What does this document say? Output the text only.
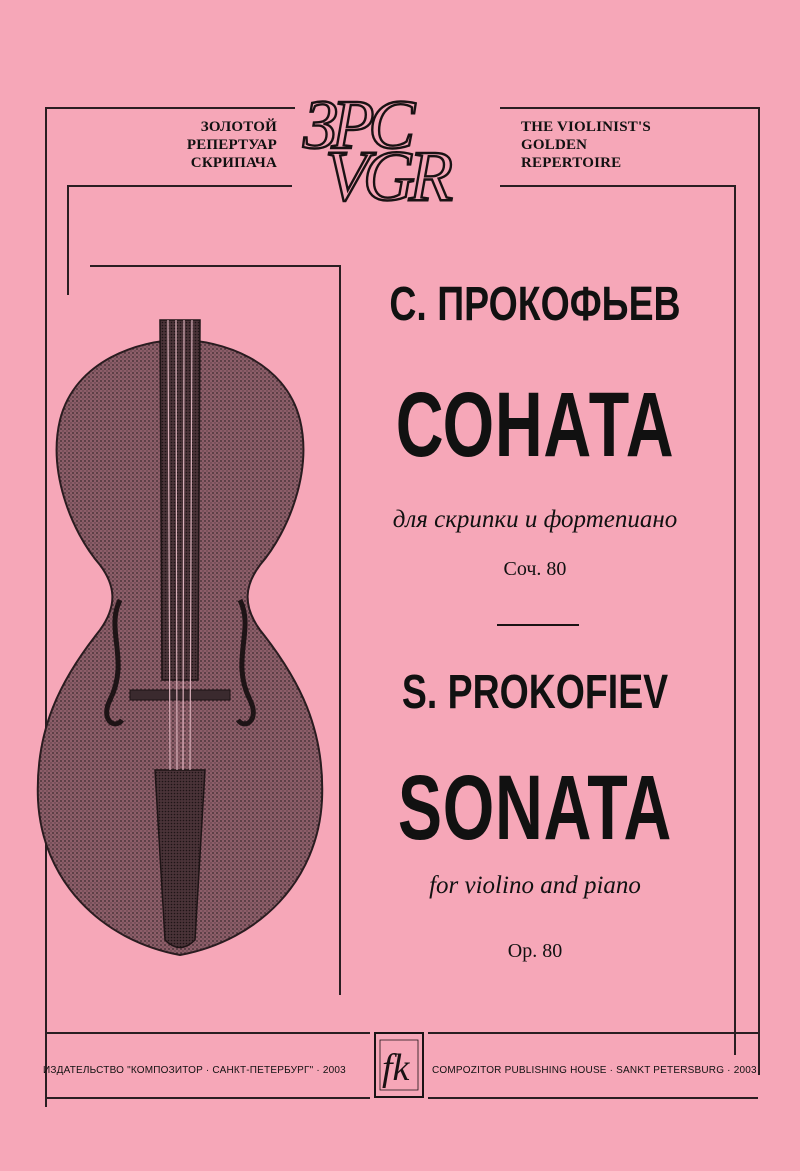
ЗОЛОТОЙ
РЕПЕРТУАР
СКРИПАЧА
THE VIOLINIST'S
GOLDEN
REPERTOIRE
ЗРС
VGR
С. ПРОКОФЬЕВ
СОНАТА
для скрипки и фортепиано
Соч. 80
S. PROKOFIEV
SONATA
for violino and piano
Op. 80
ИЗДАТЕЛЬСТВО "КОМПОЗИТОР · САНКТ-ПЕТЕРБУРГ" · 2003 fk COMPOZITOR PUBLISHING HOUSE · SANKT PETERSBURG · 2003
